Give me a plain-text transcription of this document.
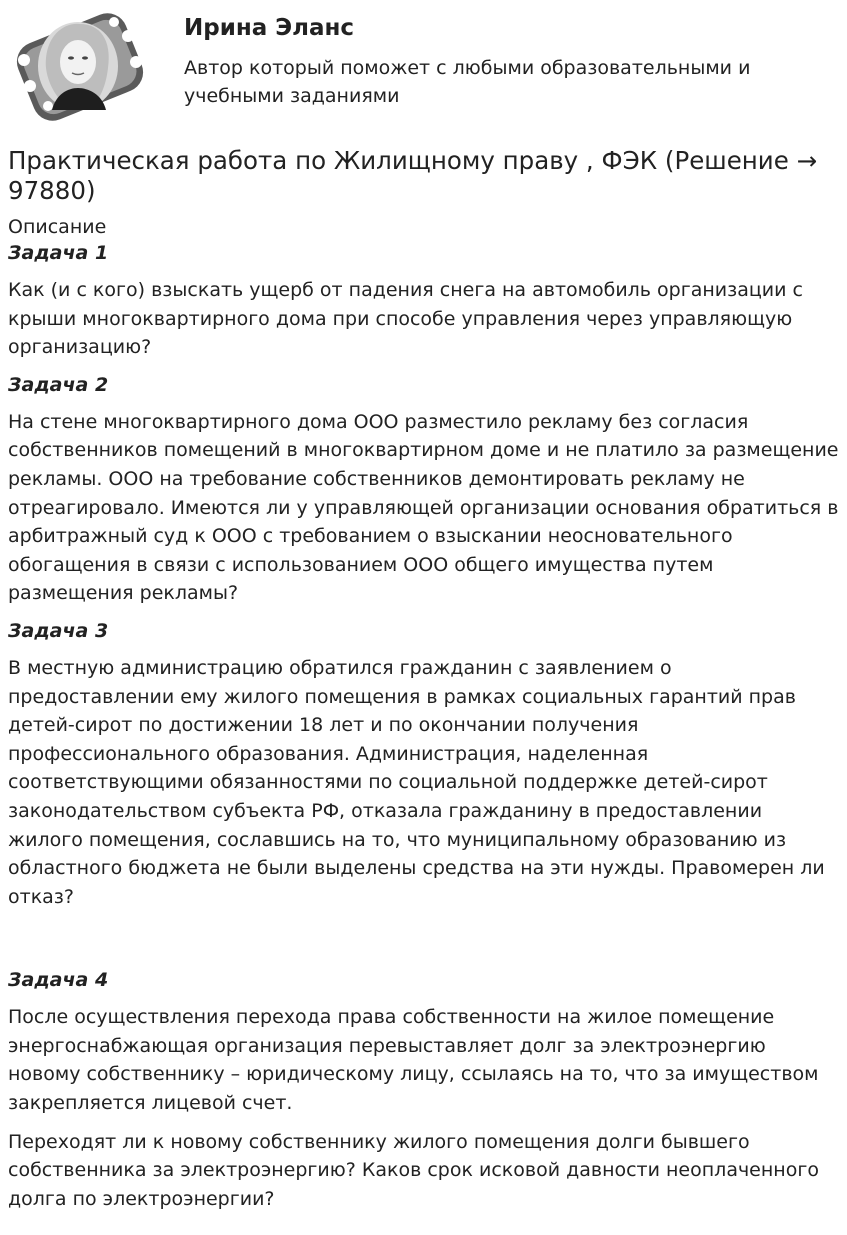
Ирина Эланс

Автор который поможет с любыми образовательными и учебными заданиями

Практическая работа по Жилищному праву , ФЭК (Решение → 97880)

Описание

Задача 1

Как (и с кого) взыскать ущерб от падения снега на автомобиль организации с крыши многоквартирного дома при способе управления через управляющую организацию?

Задача 2

На стене многоквартирного дома ООО разместило рекламу без согласия собственников помещений в многоквартирном доме и не платило за размещение рекламы. ООО на требование собственников демонтировать рекламу не отреагировало. Имеются ли у управляющей организации основания обратиться в арбитражный суд к ООО с требованием о взыскании неосновательного обогащения в связи с использованием ООО общего имущества путем размещения рекламы?

Задача 3

В местную администрацию обратился гражданин с заявлением о предоставлении ему жилого помещения в рамках социальных гарантий прав детей-сирот по достижении 18 лет и по окончании получения профессионального образования. Администрация, наделенная соответствующими обязанностями по социальной поддержке детей-сирот законодательством субъекта РФ, отказала гражданину в предоставлении жилого помещения, сославшись на то, что муниципальному образованию из областного бюджета не были выделены средства на эти нужды. Правомерен ли отказ?

Задача 4

После осуществления перехода права собственности на жилое помещение энергоснабжающая организация перевыставляет долг за электроэнергию новому собственнику – юридическому лицу, ссылаясь на то, что за имуществом закрепляется лицевой счет.

Переходят ли к новому собственнику жилого помещения долги бывшего собственника за электроэнергию? Каков срок исковой давности неоплаченного долга по электроэнергии?
